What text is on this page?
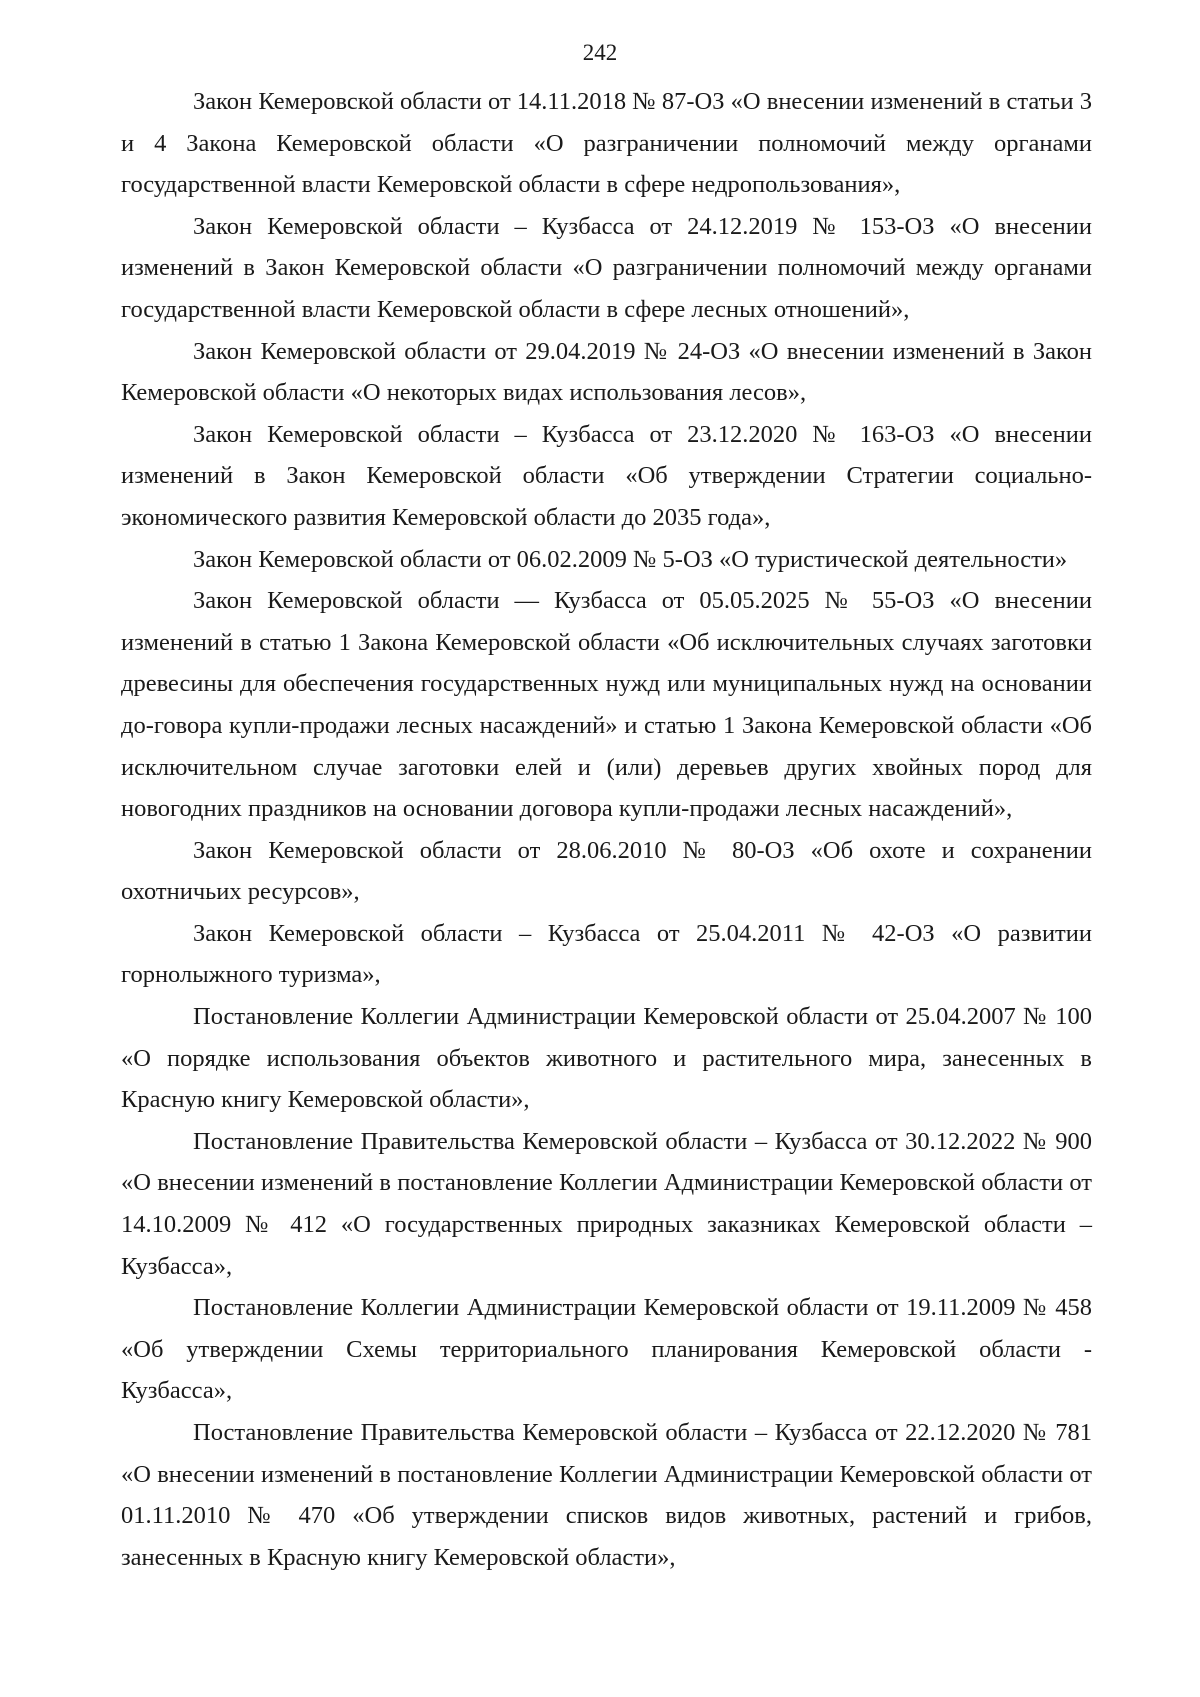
242

Закон Кемеровской области от 14.11.2018 № 87-ОЗ «О внесении изменений в статьи 3 и 4 Закона Кемеровской области «О разграничении полномочий между органами государственной власти Кемеровской области в сфере недропользования»,

Закон Кемеровской области – Кузбасса от 24.12.2019 № 153-ОЗ «О внесении изменений в Закон Кемеровской области «О разграничении полномочий между органами государственной власти Кемеровской области в сфере лесных отношений»,

Закон Кемеровской области от 29.04.2019 № 24-ОЗ «О внесении изменений в Закон Кемеровской области «О некоторых видах использования лесов»,

Закон Кемеровской области – Кузбасса от 23.12.2020 № 163-ОЗ «О внесении изменений в Закон Кемеровской области «Об утверждении Стратегии социально-экономического развития Кемеровской области до 2035 года»,

Закон Кемеровской области от 06.02.2009 № 5-ОЗ «О туристической деятельности»

Закон Кемеровской области — Кузбасса от 05.05.2025 № 55-ОЗ «О внесении изменений в статью 1 Закона Кемеровской области «Об исключительных случаях заготовки древесины для обеспечения государственных нужд или муниципальных нужд на основании до-говора купли-продажи лесных насаждений» и статью 1 Закона Кемеровской области «Об исключительном случае заготовки елей и (или) деревьев других хвойных пород для новогодних праздников на основании договора купли-продажи лесных насаждений»,

Закон Кемеровской области от 28.06.2010 № 80-ОЗ «Об охоте и сохранении охотничьих ресурсов»,

Закон Кемеровской области – Кузбасса от 25.04.2011 № 42-ОЗ «О развитии горнолыжного туризма»,

Постановление Коллегии Администрации Кемеровской области от 25.04.2007 № 100 «О порядке использования объектов животного и растительного мира, занесенных в Красную книгу Кемеровской области»,

Постановление Правительства Кемеровской области – Кузбасса от 30.12.2022 № 900 «О внесении изменений в постановление Коллегии Администрации Кемеровской области от 14.10.2009 № 412 «О государственных природных заказниках Кемеровской области – Кузбасса»,

Постановление Коллегии Администрации Кемеровской области от 19.11.2009 № 458 «Об утверждении Схемы территориального планирования Кемеровской области - Кузбасса»,

Постановление Правительства Кемеровской области – Кузбасса от 22.12.2020 № 781 «О внесении изменений в постановление Коллегии Администрации Кемеровской области от 01.11.2010 № 470 «Об утверждении списков видов животных, растений и грибов, занесенных в Красную книгу Кемеровской области»,
